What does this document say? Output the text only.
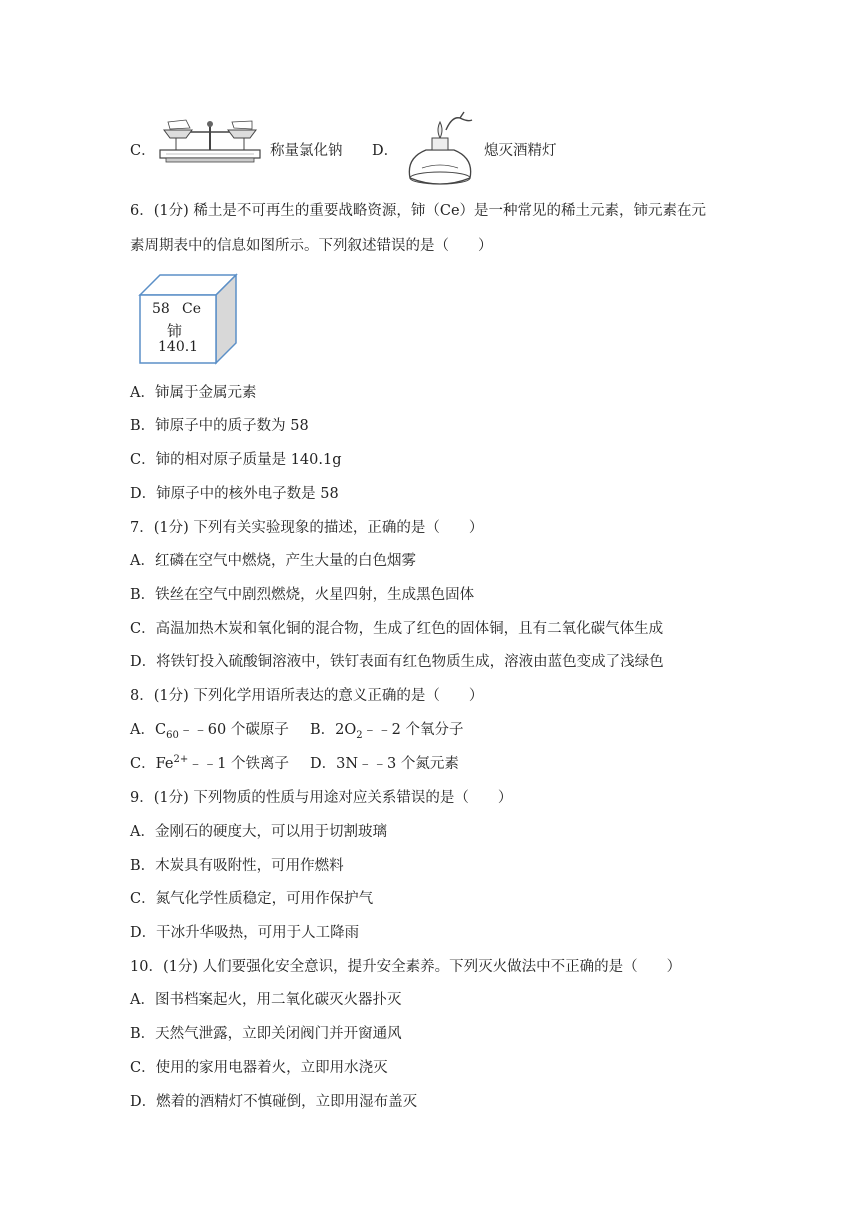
C．	称量氯化钠 D．	熄灭酒精灯
6．(1分) 稀土是不可再生的重要战略资源，铈（Ce）是一种常见的稀土元素，铈元素在元
素周期表中的信息如图所示。下列叙述错误的是（　　）
58 Ce
铈
140.1
A．铈属于金属元素
B．铈原子中的质子数为 58
C．铈的相对原子质量是 140.1g
D．铈原子中的核外电子数是 58
7．(1分) 下列有关实验现象的描述，正确的是（　　）
A．红磷在空气中燃烧，产生大量的白色烟雾
B．铁丝在空气中剧烈燃烧，火星四射，生成黑色固体
C．高温加热木炭和氧化铜的混合物，生成了红色的固体铜，且有二氧化碳气体生成
D．将铁钉投入硫酸铜溶液中，铁钉表面有红色物质生成，溶液由蓝色变成了浅绿色
8．(1分) 下列化学用语所表达的意义正确的是（　　）
A．$C_{60}﹣﹣60$ 个碳原子 B．$2O_2﹣﹣2$ 个氧分子
C．$Fe^{2+}﹣﹣1$ 个铁离子 D．3N﹣﹣3 个氮元素
9．(1分) 下列物质的性质与用途对应关系错误的是（　　）
A．金刚石的硬度大，可以用于切割玻璃
B．木炭具有吸附性，可用作燃料
C．氮气化学性质稳定，可用作保护气
D．干冰升华吸热，可用于人工降雨
10．(1分) 人们要强化安全意识，提升安全素养。下列灭火做法中不正确的是（　　）
A．图书档案起火，用二氧化碳灭火器扑灭
B．天然气泄露，立即关闭阀门并开窗通风
C．使用的家用电器着火，立即用水浇灭
D．燃着的酒精灯不慎碰倒，立即用湿布盖灭
